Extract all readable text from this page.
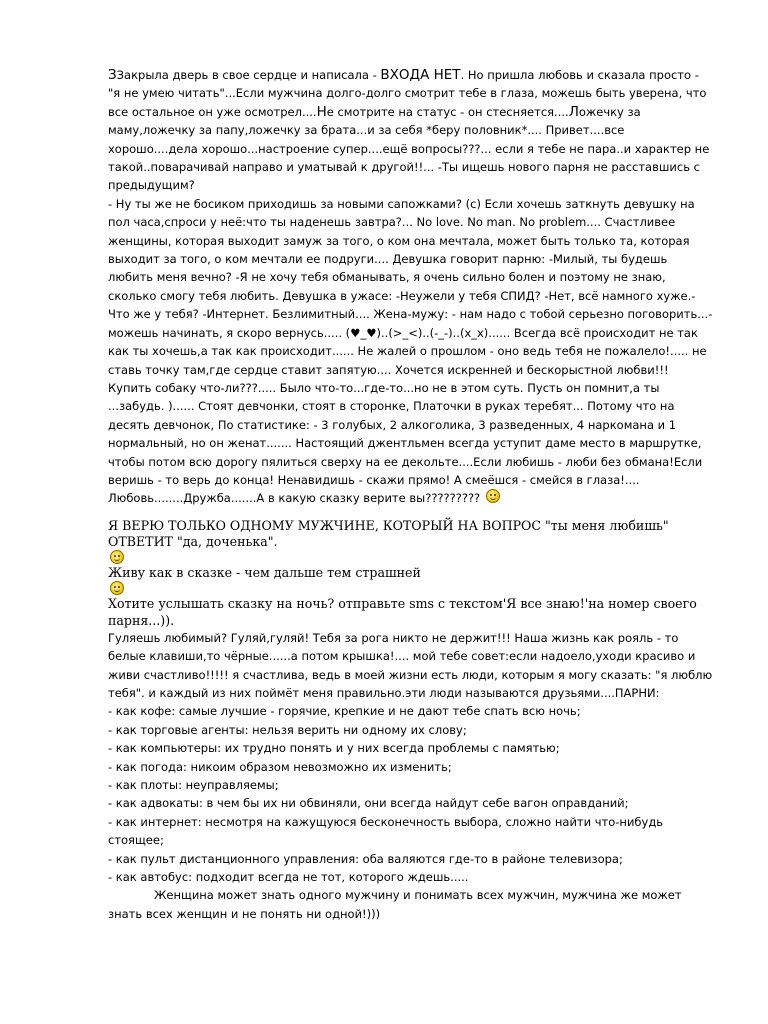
ЗЗакрыла дверь в свое сердце и написала - ВХОДА НЕТ. Но пришла любовь и сказала просто - "я не умею читать"...Если мужчина долго-долго смотрит тебе в глаза, можешь быть уверена, что все остальное он уже осмотрел....Не смотрите на статус - он стесняется....Ложечку за маму,ложечку за папу,ложечку за брата...и за себя *беру половник*.... Привет....все хорошо....дела хорошо...настроение супер....ещё вопросы???... если я тебе не пара..и характер не такой..поварачивай направо и уматывай к другой!!... -Ты ищешь нового парня не расставшись с предыдущим?
- Ну ты же не босиком приходишь за новыми сапожками? (с) Если хочешь заткнуть девушку на пол часа,спроси у неё:что ты наденешь завтра?... No love. No man. No problem.... Счастливее женщины, которая выходит замуж за того, о ком она мечтала, может быть только та, которая выходит за того, о ком мечтали ее подруги.... Девушка говорит парню: -Милый, ты будешь любить меня вечно? -Я не хочу тебя обманывать, я очень сильно болен и поэтому не знаю, сколько смогу тебя любить. Девушка в ужасе: -Неужели у тебя СПИД? -Нет, всё намного хуже.-Что же у тебя? -Интернет. Безлимитный.... Жена-мужу: - нам надо с тобой серьезно поговорить...-можешь начинать, я скоро вернусь..... (♥_♥)..(>_<)..(-_-)..(x_x)...... Всегда всё происходит не так как ты хочешь,а так как происходит...... Не жалей о прошлом - оно ведь тебя не пожалело!..... не ставь точку там,где сердце ставит запятую.... Хочется искренней и бескорыстной любви!!! Купить собаку что-ли???..... Было что-то...где-то...но не в этом суть. Пусть он помнит,а ты ...забудь. )...... Стоят девчонки, стоят в сторонке, Платочки в руках теребят... Потому что на десять девчонок, По статистике: - 3 голубых, 2 алкоголика, 3 разведенных, 4 наркомана и 1 нормальный, но он женат....... Настоящий джентльмен всегда уступит даме место в маршрутке, чтобы потом всю дорогу пялиться сверху на ее декольте....Если любишь - люби без обмана!Если веришь - то верь до конца! Ненавидишь - скажи прямо! А смеёшся - смейся в глаза!.... Любовь........Дружба.......А в какую сказку верите вы?????????

Я ВЕРЮ ТОЛЬКО ОДНОМУ МУЖЧИНЕ, КОТОРЫЙ НА ВОПРОС "ты меня любишь" ОТВЕТИТ "да, доченька".

Живу как в сказке - чем дальше тем страшней

Хотите услышать сказку на ночь? отправьте sms с текстом'Я все знаю!'на номер своего парня...)).

Гуляешь любимый? Гуляй,гуляй! Тебя за рога никто не держит!!! Наша жизнь как рояль - то белые клавиши,то чёрные......а потом крышка!.... мой тебе совет:если надоело,уходи красиво и живи счастливо!!!!! я счастлива, ведь в моей жизни есть люди, которым я могу сказать: "я люблю тебя". и каждый из них поймёт меня правильно.эти люди называются друзьями....ПАРНИ:

- как кофе: самые лучшие - горячие, крепкие и не дают тебе спать всю ночь;

- как торговые агенты: нельзя верить ни одному их слову;

- как компьютеры: их трудно понять и у них всегда проблемы с памятью;

- как погода: никоим образом невозможно их изменить;

- как плоты: неуправляемы;

- как адвокаты: в чем бы их ни обвиняли, они всегда найдут себе вагон оправданий;

- как интернет: несмотря на кажущуюся бесконечность выбора, сложно найти что-нибудь стоящее;

- как пульт дистанционного управления: оба валяются где-то в районе телевизора;

- как автобус: подходит всегда не тот, которого ждешь.....

Женщина может знать одного мужчину и понимать всех мужчин, мужчина же может знать всех женщин и не понять ни одной!)))
